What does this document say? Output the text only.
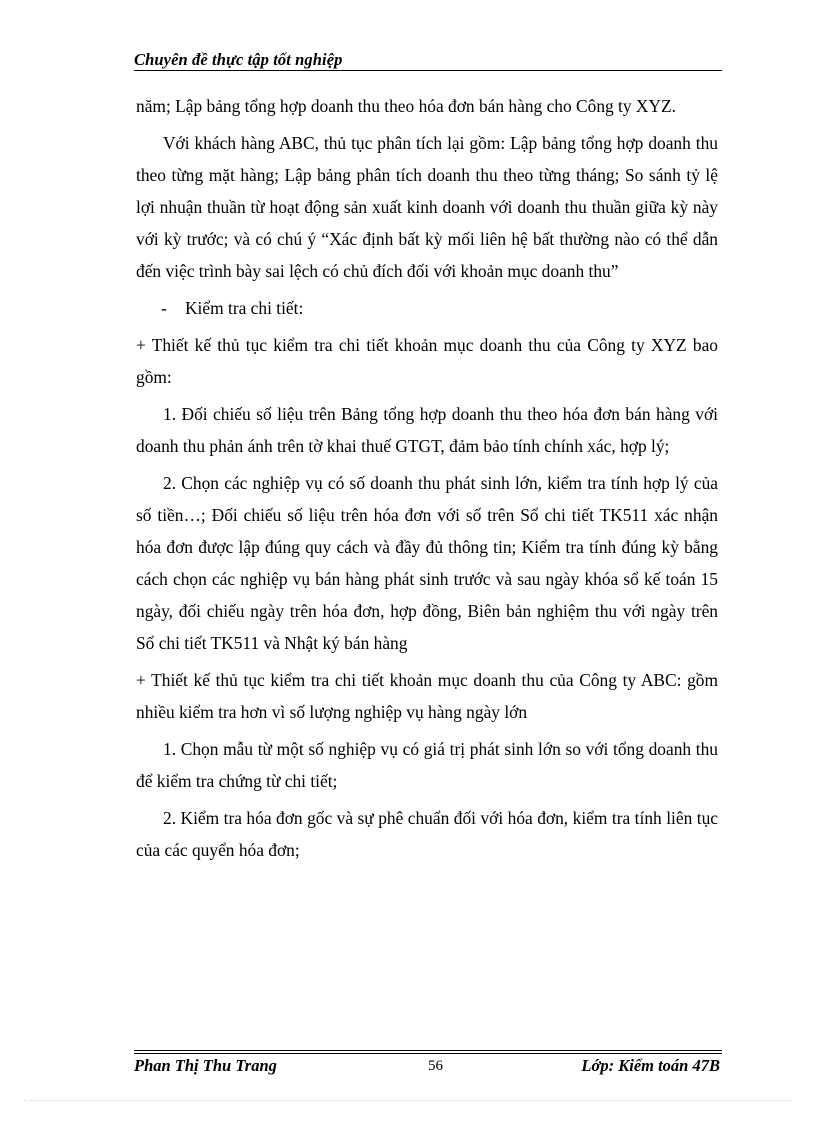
Chuyên đề thực tập tốt nghiệp

năm; Lập bảng tổng hợp doanh thu theo hóa đơn bán hàng cho Công ty XYZ.

Với khách hàng ABC, thủ tục phân tích lại gồm: Lập bảng tổng hợp doanh thu theo từng mặt hàng; Lập bảng phân tích doanh thu theo từng tháng; So sánh tỷ lệ lợi nhuận thuần từ hoạt động sản xuất kinh doanh với doanh thu thuần giữa kỳ này với kỳ trước; và có chú ý “Xác định bất kỳ mối liên hệ bất thường nào có thể dẫn đến việc trình bày sai lệch có chủ đích đối với khoản mục doanh thu”

- Kiểm tra chi tiết:

+ Thiết kế thủ tục kiểm tra chi tiết khoản mục doanh thu của Công ty XYZ bao gồm:

1. Đối chiếu số liệu trên Bảng tổng hợp doanh thu theo hóa đơn bán hàng với doanh thu phản ánh trên tờ khai thuế GTGT, đảm bảo tính chính xác, hợp lý;

2. Chọn các nghiệp vụ có số doanh thu phát sinh lớn, kiểm tra tính hợp lý của số tiền…; Đối chiếu số liệu trên hóa đơn với số trên Sổ chi tiết TK511 xác nhận hóa đơn được lập đúng quy cách và đầy đủ thông tin; Kiểm tra tính đúng kỳ bằng cách chọn các nghiệp vụ bán hàng phát sinh trước và sau ngày khóa sổ kế toán 15 ngày, đối chiếu ngày trên hóa đơn, hợp đồng, Biên bản nghiệm thu với ngày trên Sổ chi tiết TK511 và Nhật ký bán hàng

+ Thiết kế thủ tục kiểm tra chi tiết khoản mục doanh thu của Công ty ABC: gồm nhiều kiểm tra hơn vì số lượng nghiệp vụ hàng ngày lớn

1. Chọn mẫu từ một số nghiệp vụ có giá trị phát sinh lớn so với tổng doanh thu để kiểm tra chứng từ chi tiết;

2. Kiểm tra hóa đơn gốc và sự phê chuẩn đối với hóa đơn, kiểm tra tính liên tục của các quyển hóa đơn;

Phan Thị Thu Trang	56	Lớp: Kiểm toán 47B
